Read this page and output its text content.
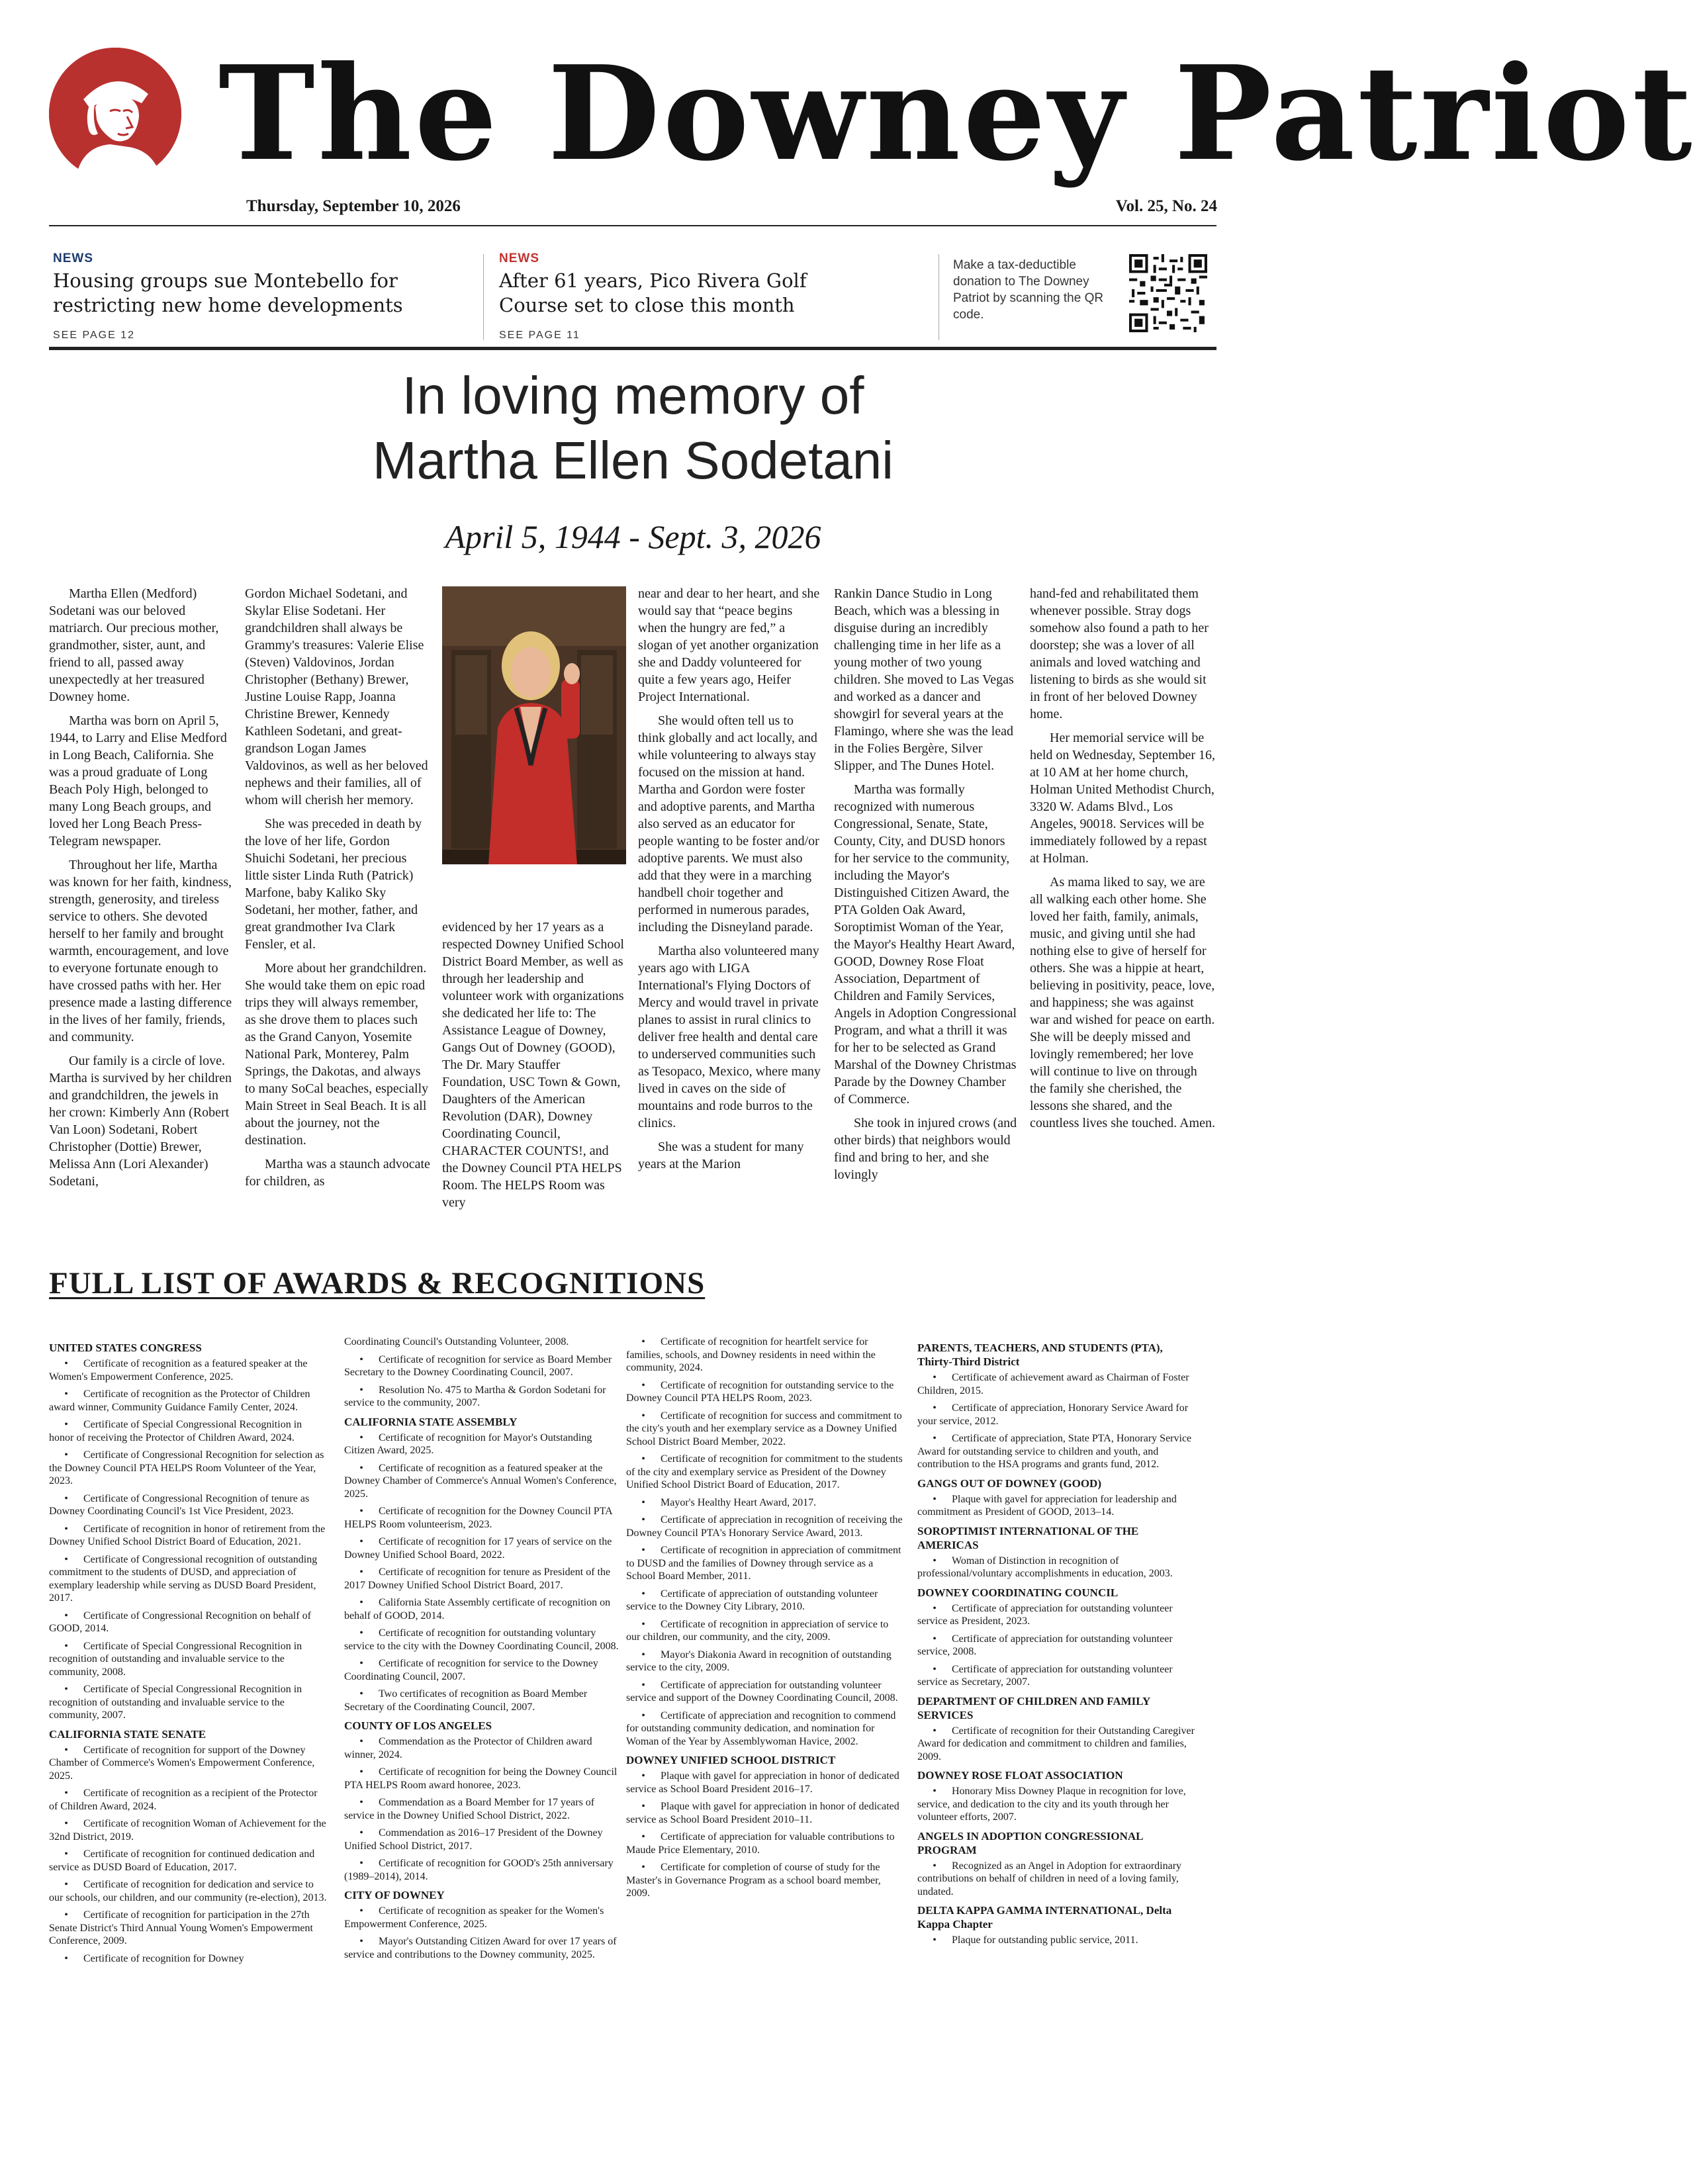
The Downey Patriot
Thursday, September 10, 2026	Vol. 25, No. 24
NEWS
Housing groups sue Montebello for restricting new home developments
SEE PAGE 12
NEWS
After 61 years, Pico Rivera Golf Course set to close this month
SEE PAGE 11
Make a tax-deductible donation to The Downey Patriot by scanning the QR code.
In loving memory of
Martha Ellen Sodetani
April 5, 1944 - Sept. 3, 2026

Martha Ellen (Medford) Sodetani was our beloved matriarch. Our precious mother, grandmother, sister, aunt, and friend to all, passed away unexpectedly at her treasured Downey home.

Martha was born on April 5, 1944, to Larry and Elise Medford in Long Beach, California. She was a proud graduate of Long Beach Poly High, belonged to many Long Beach groups, and loved her Long Beach Press-Telegram newspaper.

Throughout her life, Martha was known for her faith, kindness, strength, generosity, and tireless service to others. She devoted herself to her family and brought warmth, encouragement, and love to everyone fortunate enough to have crossed paths with her. Her presence made a lasting difference in the lives of her family, friends, and community.

Our family is a circle of love. Martha is survived by her children and grandchildren, the jewels in her crown: Kimberly Ann (Robert Van Loon) Sodetani, Robert Christopher (Dottie) Brewer, Melissa Ann (Lori Alexander) Sodetani,

Gordon Michael Sodetani, and Skylar Elise Sodetani. Her grandchildren shall always be Grammy's treasures: Valerie Elise (Steven) Valdovinos, Jordan Christopher (Bethany) Brewer, Justine Louise Rapp, Joanna Christine Brewer, Kennedy Kathleen Sodetani, and great-grandson Logan James Valdovinos, as well as her beloved nephews and their families, all of whom will cherish her memory.

She was preceded in death by the love of her life, Gordon Shuichi Sodetani, her precious little sister Linda Ruth (Patrick) Marfone, baby Kaliko Sky Sodetani, her mother, father, and great grandmother Iva Clark Fensler, et al.

More about her grandchildren. She would take them on epic road trips they will always remember, as she drove them to places such as the Grand Canyon, Yosemite National Park, Monterey, Palm Springs, the Dakotas, and always to many SoCal beaches, especially Main Street in Seal Beach. It is all about the journey, not the destination.

Martha was a staunch advocate for children, as

evidenced by her 17 years as a respected Downey Unified School District Board Member, as well as through her leadership and volunteer work with organizations she dedicated her life to: The Assistance League of Downey, Gangs Out of Downey (GOOD), The Dr. Mary Stauffer Foundation, USC Town & Gown, Daughters of the American Revolution (DAR), Downey Coordinating Council, CHARACTER COUNTS!, and the Downey Council PTA HELPS Room. The HELPS Room was very

near and dear to her heart, and she would say that “peace begins when the hungry are fed,” a slogan of yet another organization she and Daddy volunteered for quite a few years ago, Heifer Project International.

She would often tell us to think globally and act locally, and while volunteering to always stay focused on the mission at hand. Martha and Gordon were foster and adoptive parents, and Martha also served as an educator for people wanting to be foster and/or adoptive parents. We must also add that they were in a marching handbell choir together and performed in numerous parades, including the Disneyland parade.

Martha also volunteered many years ago with LIGA International's Flying Doctors of Mercy and would travel in private planes to assist in rural clinics to deliver free health and dental care to underserved communities such as Tesopaco, Mexico, where many lived in caves on the side of mountains and rode burros to the clinics.

She was a student for many years at the Marion

Rankin Dance Studio in Long Beach, which was a blessing in disguise during an incredibly challenging time in her life as a young mother of two young children. She moved to Las Vegas and worked as a dancer and showgirl for several years at the Flamingo, where she was the lead in the Folies Bergère, Silver Slipper, and The Dunes Hotel.

Martha was formally recognized with numerous Congressional, Senate, State, County, City, and DUSD honors for her service to the community, including the Mayor's Distinguished Citizen Award, the PTA Golden Oak Award, Soroptimist Woman of the Year, the Mayor's Healthy Heart Award, GOOD, Downey Rose Float Association, Department of Children and Family Services, Angels in Adoption Congressional Program, and what a thrill it was for her to be selected as Grand Marshal of the Downey Christmas Parade by the Downey Chamber of Commerce.

She took in injured crows (and other birds) that neighbors would find and bring to her, and she lovingly

hand-fed and rehabilitated them whenever possible. Stray dogs somehow also found a path to her doorstep; she was a lover of all animals and loved watching and listening to birds as she would sit in front of her beloved Downey home.

Her memorial service will be held on Wednesday, September 16, at 10 AM at her home church, Holman United Methodist Church, 3320 W. Adams Blvd., Los Angeles, 90018. Services will be immediately followed by a repast at Holman.

As mama liked to say, we are all walking each other home. She loved her faith, family, animals, music, and giving until she had nothing else to give of herself for others. She was a hippie at heart, believing in positivity, peace, love, and happiness; she was against war and wished for peace on earth. She will be deeply missed and lovingly remembered; her love will continue to live on through the family she cherished, the lessons she shared, and the countless lives she touched. Amen.

FULL LIST OF AWARDS & RECOGNITIONS
UNITED STATES CONGRESS
• Certificate of recognition as a featured speaker at the Women's Empowerment Conference, 2025.
• Certificate of recognition as the Protector of Children award winner, Community Guidance Family Center, 2024.
• Certificate of Special Congressional Recognition in honor of receiving the Protector of Children Award, 2024.
• Certificate of Congressional Recognition for selection as the Downey Council PTA HELPS Room Volunteer of the Year, 2023.
• Certificate of Congressional Recognition of tenure as Downey Coordinating Council's 1st Vice President, 2023.
• Certificate of recognition in honor of retirement from the Downey Unified School District Board of Education, 2021.
• Certificate of Congressional recognition of outstanding commitment to the students of DUSD, and appreciation of exemplary leadership while serving as DUSD Board President, 2017.
• Certificate of Congressional Recognition on behalf of GOOD, 2014.
• Certificate of Special Congressional Recognition in recognition of outstanding and invaluable service to the community, 2008.
• Certificate of Special Congressional Recognition in recognition of outstanding and invaluable service to the community, 2007.
CALIFORNIA STATE SENATE
• Certificate of recognition for support of the Downey Chamber of Commerce's Women's Empowerment Conference, 2025.
• Certificate of recognition as a recipient of the Protector of Children Award, 2024.
• Certificate of recognition Woman of Achievement for the 32nd District, 2019.
• Certificate of recognition for continued dedication and service as DUSD Board of Education, 2017.
• Certificate of recognition for dedication and service to our schools, our children, and our community (re-election), 2013.
• Certificate of recognition for participation in the 27th Senate District's Third Annual Young Women's Empowerment Conference, 2009.
• Certificate of recognition for Downey
Coordinating Council's Outstanding Volunteer, 2008.
• Certificate of recognition for service as Board Member Secretary to the Downey Coordinating Council, 2007.
• Resolution No. 475 to Martha & Gordon Sodetani for service to the community, 2007.
CALIFORNIA STATE ASSEMBLY
• Certificate of recognition for Mayor's Outstanding Citizen Award, 2025.
• Certificate of recognition as a featured speaker at the Downey Chamber of Commerce's Annual Women's Conference, 2025.
• Certificate of recognition for the Downey Council PTA HELPS Room volunteerism, 2023.
• Certificate of recognition for 17 years of service on the Downey Unified School Board, 2022.
• Certificate of recognition for tenure as President of the 2017 Downey Unified School District Board, 2017.
• California State Assembly certificate of recognition on behalf of GOOD, 2014.
• Certificate of recognition for outstanding voluntary service to the city with the Downey Coordinating Council, 2008.
• Certificate of recognition for service to the Downey Coordinating Council, 2007.
• Two certificates of recognition as Board Member Secretary of the Coordinating Council, 2007.
COUNTY OF LOS ANGELES
• Commendation as the Protector of Children award winner, 2024.
• Certificate of recognition for being the Downey Council PTA HELPS Room award honoree, 2023.
• Commendation as a Board Member for 17 years of service in the Downey Unified School District, 2022.
• Commendation as 2016–17 President of the Downey Unified School District, 2017.
• Certificate of recognition for GOOD's 25th anniversary (1989–2014), 2014.
CITY OF DOWNEY
• Certificate of recognition as speaker for the Women's Empowerment Conference, 2025.
• Mayor's Outstanding Citizen Award for over 17 years of service and contributions to the Downey community, 2025.
• Certificate of recognition for heartfelt service for families, schools, and Downey residents in need within the community, 2024.
• Certificate of recognition for outstanding service to the Downey Council PTA HELPS Room, 2023.
• Certificate of recognition for success and commitment to the city's youth and her exemplary service as a Downey Unified School District Board Member, 2022.
• Certificate of recognition for commitment to the students of the city and exemplary service as President of the Downey Unified School District Board of Education, 2017.
• Mayor's Healthy Heart Award, 2017.
• Certificate of appreciation in recognition of receiving the Downey Council PTA's Honorary Service Award, 2013.
• Certificate of recognition in appreciation of commitment to DUSD and the families of Downey through service as a School Board Member, 2011.
• Certificate of appreciation of outstanding volunteer service to the Downey City Library, 2010.
• Certificate of recognition in appreciation of service to our children, our community, and the city, 2009.
• Mayor's Diakonia Award in recognition of outstanding service to the city, 2009.
• Certificate of appreciation for outstanding volunteer service and support of the Downey Coordinating Council, 2008.
• Certificate of appreciation and recognition to commend for outstanding community dedication, and nomination for Woman of the Year by Assemblywoman Havice, 2002.
DOWNEY UNIFIED SCHOOL DISTRICT
• Plaque with gavel for appreciation in honor of dedicated service as School Board President 2016–17.
• Plaque with gavel for appreciation in honor of dedicated service as School Board President 2010–11.
• Certificate of appreciation for valuable contributions to Maude Price Elementary, 2010.
• Certificate for completion of course of study for the Master's in Governance Program as a school board member, 2009.
PARENTS, TEACHERS, AND STUDENTS (PTA), Thirty-Third District
• Certificate of achievement award as Chairman of Foster Children, 2015.
• Certificate of appreciation, Honorary Service Award for your service, 2012.
• Certificate of appreciation, State PTA, Honorary Service Award for outstanding service to children and youth, and contribution to the HSA programs and grants fund, 2012.
GANGS OUT OF DOWNEY (GOOD)
• Plaque with gavel for appreciation for leadership and commitment as President of GOOD, 2013–14.
SOROPTIMIST INTERNATIONAL OF THE AMERICAS
• Woman of Distinction in recognition of professional/voluntary accomplishments in education, 2003.
DOWNEY COORDINATING COUNCIL
• Certificate of appreciation for outstanding volunteer service as President, 2023.
• Certificate of appreciation for outstanding volunteer service, 2008.
• Certificate of appreciation for outstanding volunteer service as Secretary, 2007.
DEPARTMENT OF CHILDREN AND FAMILY SERVICES
• Certificate of recognition for their Outstanding Caregiver Award for dedication and commitment to children and families, 2009.
DOWNEY ROSE FLOAT ASSOCIATION
• Honorary Miss Downey Plaque in recognition for love, service, and dedication to the city and its youth through her volunteer efforts, 2007.
ANGELS IN ADOPTION CONGRESSIONAL PROGRAM
• Recognized as an Angel in Adoption for extraordinary contributions on behalf of children in need of a loving family, undated.
DELTA KAPPA GAMMA INTERNATIONAL, Delta Kappa Chapter
• Plaque for outstanding public service, 2011.
